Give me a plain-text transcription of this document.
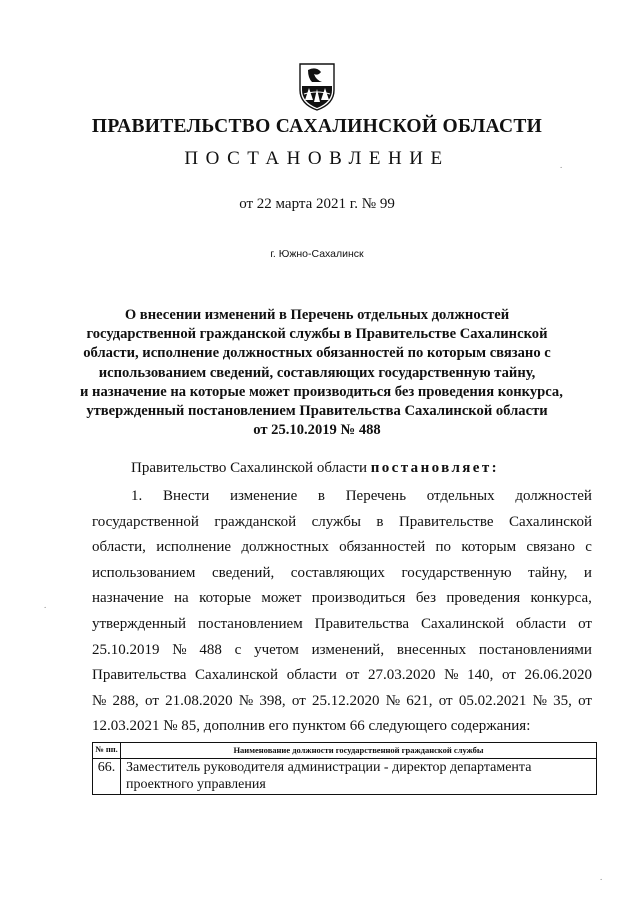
ПРАВИТЕЛЬСТВО САХАЛИНСКОЙ ОБЛАСТИ
ПОСТАНОВЛЕНИЕ
от 22 марта 2021 г. № 99
г. Южно-Сахалинск
О внесении изменений в Перечень отдельных должностей
государственной гражданской службы в Правительстве Сахалинской
области, исполнение должностных обязанностей по которым связано с
использованием сведений, составляющих государственную тайну,
и назначение на которые может производиться без проведения конкурса,
утвержденный постановлением Правительства Сахалинской области
от 25.10.2019 № 488
Правительство Сахалинской области постановляет:
1. Внести изменение в Перечень отдельных должностей
государственной гражданской службы в Правительстве Сахалинской
области, исполнение должностных обязанностей по которым связано с
использованием сведений, составляющих государственную тайну, и
назначение на которые может производиться без проведения конкурса,
утвержденный постановлением Правительства Сахалинской области от
25.10.2019 № 488 с учетом изменений, внесенных постановлениями
Правительства Сахалинской области от 27.03.2020 № 140, от 26.06.2020
№ 288, от 21.08.2020 № 398, от 25.12.2020 № 621, от 05.02.2021 № 35, от
12.03.2021 № 85, дополнив его пунктом 66 следующего содержания:
№ пп.	Наименование должности государственной гражданской службы
66.	Заместитель руководителя администрации - директор департамента проектного управления
.
.
.
